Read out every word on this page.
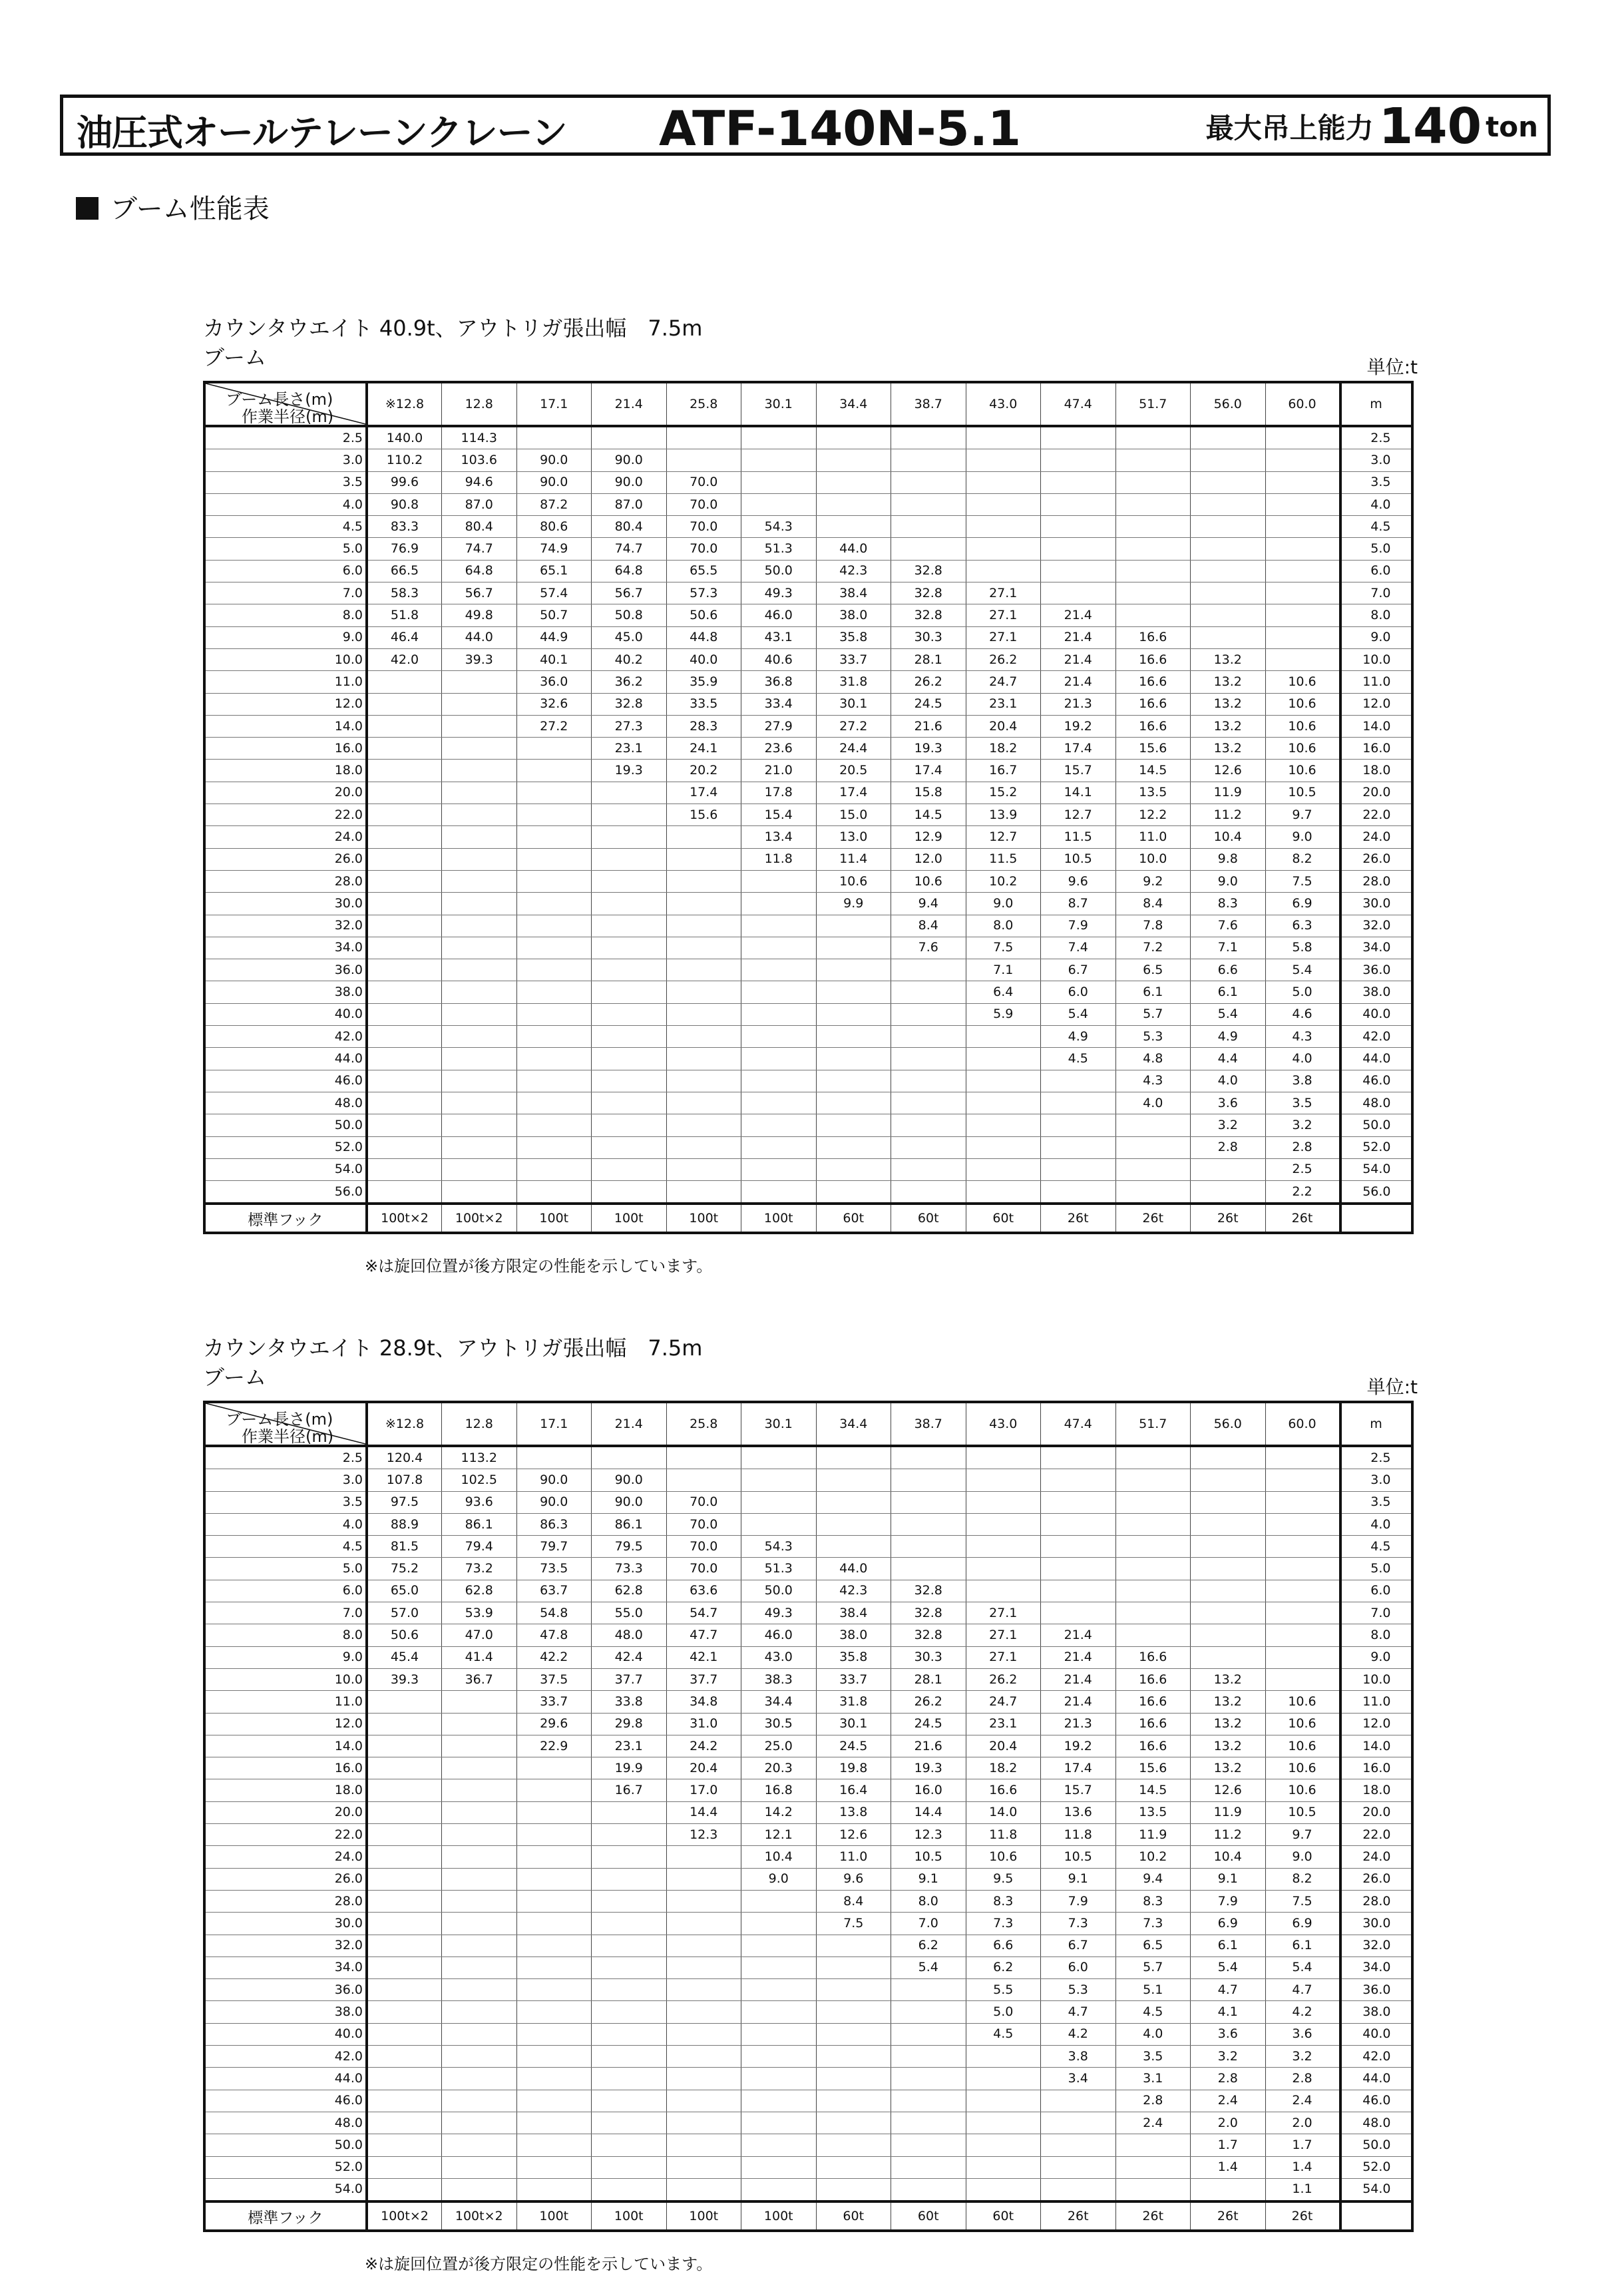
油圧式オールテレーンクレーン ATF-140N-5.1	最大吊上能力 140 ton
ブーム性能表
カウンタウエイト 40.9t、アウトリガ張出幅　7.5m
ブーム	単位:t
ブーム長さ(m)
作業半径(m)	※12.8	12.8	17.1	21.4	25.8	30.1	34.4	38.7	43.0	47.4	51.7	56.0	60.0	m
2.5	140.0	114.3												2.5
3.0	110.2	103.6	90.0	90.0										3.0
3.5	99.6	94.6	90.0	90.0	70.0									3.5
4.0	90.8	87.0	87.2	87.0	70.0									4.0
4.5	83.3	80.4	80.6	80.4	70.0	54.3								4.5
5.0	76.9	74.7	74.9	74.7	70.0	51.3	44.0							5.0
6.0	66.5	64.8	65.1	64.8	65.5	50.0	42.3	32.8						6.0
7.0	58.3	56.7	57.4	56.7	57.3	49.3	38.4	32.8	27.1					7.0
8.0	51.8	49.8	50.7	50.8	50.6	46.0	38.0	32.8	27.1	21.4				8.0
9.0	46.4	44.0	44.9	45.0	44.8	43.1	35.8	30.3	27.1	21.4	16.6			9.0
10.0	42.0	39.3	40.1	40.2	40.0	40.6	33.7	28.1	26.2	21.4	16.6	13.2		10.0
11.0			36.0	36.2	35.9	36.8	31.8	26.2	24.7	21.4	16.6	13.2	10.6	11.0
12.0			32.6	32.8	33.5	33.4	30.1	24.5	23.1	21.3	16.6	13.2	10.6	12.0
14.0			27.2	27.3	28.3	27.9	27.2	21.6	20.4	19.2	16.6	13.2	10.6	14.0
16.0				23.1	24.1	23.6	24.4	19.3	18.2	17.4	15.6	13.2	10.6	16.0
18.0				19.3	20.2	21.0	20.5	17.4	16.7	15.7	14.5	12.6	10.6	18.0
20.0					17.4	17.8	17.4	15.8	15.2	14.1	13.5	11.9	10.5	20.0
22.0					15.6	15.4	15.0	14.5	13.9	12.7	12.2	11.2	9.7	22.0
24.0						13.4	13.0	12.9	12.7	11.5	11.0	10.4	9.0	24.0
26.0						11.8	11.4	12.0	11.5	10.5	10.0	9.8	8.2	26.0
28.0							10.6	10.6	10.2	9.6	9.2	9.0	7.5	28.0
30.0							9.9	9.4	9.0	8.7	8.4	8.3	6.9	30.0
32.0								8.4	8.0	7.9	7.8	7.6	6.3	32.0
34.0								7.6	7.5	7.4	7.2	7.1	5.8	34.0
36.0									7.1	6.7	6.5	6.6	5.4	36.0
38.0									6.4	6.0	6.1	6.1	5.0	38.0
40.0									5.9	5.4	5.7	5.4	4.6	40.0
42.0										4.9	5.3	4.9	4.3	42.0
44.0										4.5	4.8	4.4	4.0	44.0
46.0											4.3	4.0	3.8	46.0
48.0											4.0	3.6	3.5	48.0
50.0												3.2	3.2	50.0
52.0												2.8	2.8	52.0
54.0													2.5	54.0
56.0													2.2	56.0
標準フック	100t×2	100t×2	100t	100t	100t	100t	60t	60t	60t	26t	26t	26t	26t	
※は旋回位置が後方限定の性能を示しています。
カウンタウエイト 28.9t、アウトリガ張出幅　7.5m
ブーム	単位:t
ブーム長さ(m)
作業半径(m)	※12.8	12.8	17.1	21.4	25.8	30.1	34.4	38.7	43.0	47.4	51.7	56.0	60.0	m
2.5	120.4	113.2												2.5
3.0	107.8	102.5	90.0	90.0										3.0
3.5	97.5	93.6	90.0	90.0	70.0									3.5
4.0	88.9	86.1	86.3	86.1	70.0									4.0
4.5	81.5	79.4	79.7	79.5	70.0	54.3								4.5
5.0	75.2	73.2	73.5	73.3	70.0	51.3	44.0							5.0
6.0	65.0	62.8	63.7	62.8	63.6	50.0	42.3	32.8						6.0
7.0	57.0	53.9	54.8	55.0	54.7	49.3	38.4	32.8	27.1					7.0
8.0	50.6	47.0	47.8	48.0	47.7	46.0	38.0	32.8	27.1	21.4				8.0
9.0	45.4	41.4	42.2	42.4	42.1	43.0	35.8	30.3	27.1	21.4	16.6			9.0
10.0	39.3	36.7	37.5	37.7	37.7	38.3	33.7	28.1	26.2	21.4	16.6	13.2		10.0
11.0			33.7	33.8	34.8	34.4	31.8	26.2	24.7	21.4	16.6	13.2	10.6	11.0
12.0			29.6	29.8	31.0	30.5	30.1	24.5	23.1	21.3	16.6	13.2	10.6	12.0
14.0			22.9	23.1	24.2	25.0	24.5	21.6	20.4	19.2	16.6	13.2	10.6	14.0
16.0				19.9	20.4	20.3	19.8	19.3	18.2	17.4	15.6	13.2	10.6	16.0
18.0				16.7	17.0	16.8	16.4	16.0	16.6	15.7	14.5	12.6	10.6	18.0
20.0					14.4	14.2	13.8	14.4	14.0	13.6	13.5	11.9	10.5	20.0
22.0					12.3	12.1	12.6	12.3	11.8	11.8	11.9	11.2	9.7	22.0
24.0						10.4	11.0	10.5	10.6	10.5	10.2	10.4	9.0	24.0
26.0						9.0	9.6	9.1	9.5	9.1	9.4	9.1	8.2	26.0
28.0							8.4	8.0	8.3	7.9	8.3	7.9	7.5	28.0
30.0							7.5	7.0	7.3	7.3	7.3	6.9	6.9	30.0
32.0								6.2	6.6	6.7	6.5	6.1	6.1	32.0
34.0								5.4	6.2	6.0	5.7	5.4	5.4	34.0
36.0									5.5	5.3	5.1	4.7	4.7	36.0
38.0									5.0	4.7	4.5	4.1	4.2	38.0
40.0									4.5	4.2	4.0	3.6	3.6	40.0
42.0										3.8	3.5	3.2	3.2	42.0
44.0										3.4	3.1	2.8	2.8	44.0
46.0											2.8	2.4	2.4	46.0
48.0											2.4	2.0	2.0	48.0
50.0												1.7	1.7	50.0
52.0												1.4	1.4	52.0
54.0													1.1	54.0
標準フック	100t×2	100t×2	100t	100t	100t	100t	60t	60t	60t	26t	26t	26t	26t	
※は旋回位置が後方限定の性能を示しています。
